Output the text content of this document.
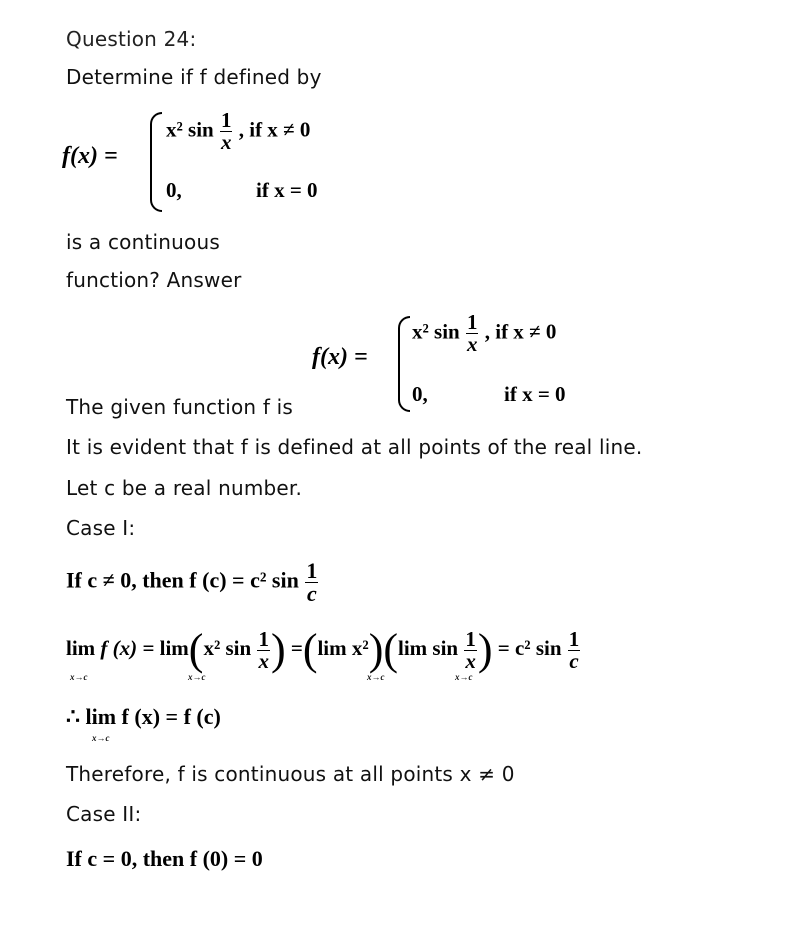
Question 24:
Determine if f defined by
f(x) =
x² $\sin \frac{1}{x}$ , if x ≠ 0
0,	if x = 0
is a continuous
function? Answer
f(x) =
x² $\sin \frac{1}{x}$ , if x ≠ 0
0,	if x = 0
The given function f is
It is evident that f is defined at all points of the real line.
Let c be a real number.
Case I:
If c ≠ 0, then f (c) = c² $\sin \frac{1}{c}$
lim f (x) = lim(x² $\sin \frac{1}{x}$ ) =(lim x²)(lim $\sin \frac{1}{x}$ ) = c² $\sin \frac{1}{c}$
x→c	x→c	x→c	x→c
∴ lim f (x) = f (c)
x→c
Therefore, f is continuous at all points x ≠ 0
Case II:
If c = 0, then f (0) = 0
